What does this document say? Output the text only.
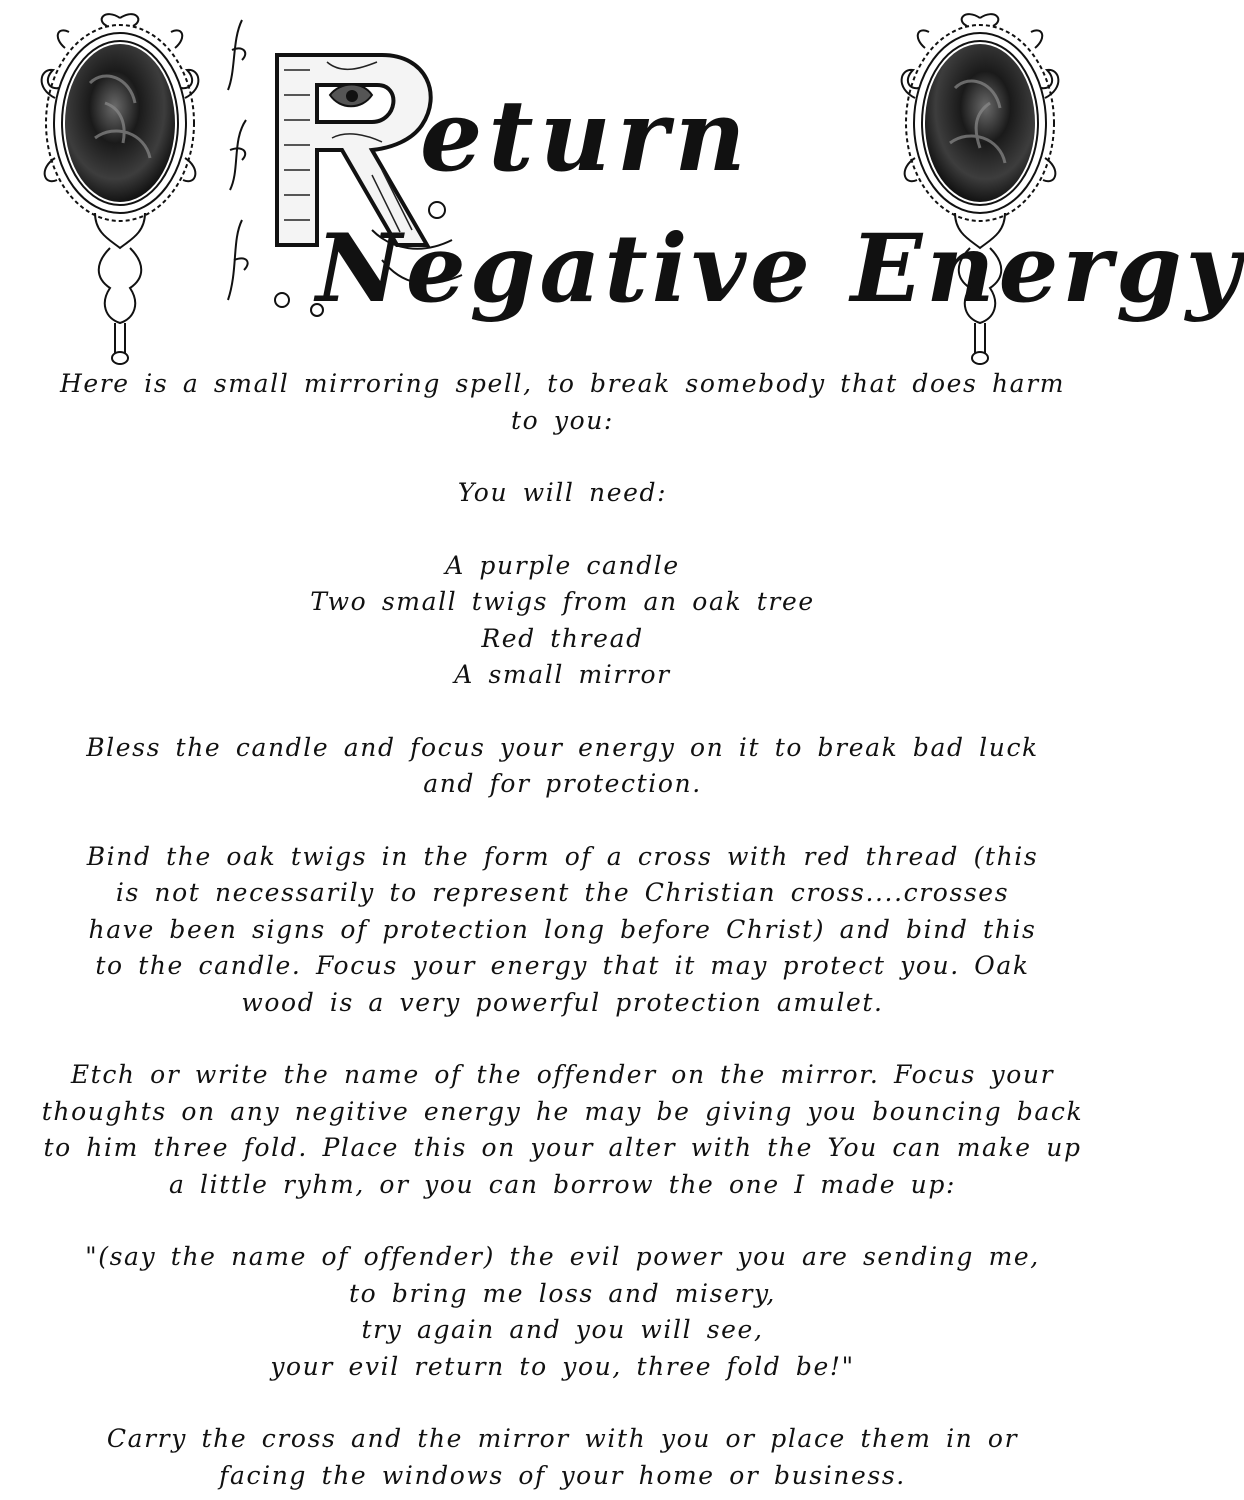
eturn
Negative Energy

Here is a small mirroring spell, to break somebody that does harm to you:

You will need:

A purple candle

Two small twigs from an oak tree

Red thread

A small mirror

Bless the candle and focus your energy on it to break bad luck and for protection.

Bind the oak twigs in the form of a cross with red thread (this is not necessarily to represent the Christian cross....crosses have been signs of protection long before Christ) and bind this to the candle. Focus your energy that it may protect you. Oak wood is a very powerful protection amulet.

Etch or write the name of the offender on the mirror. Focus your thoughts on any negitive energy he may be giving you bouncing back to him three fold. Place this on your alter with the You can make up a little ryhm, or you can borrow the one I made up:

"(say the name of offender) the evil power you are sending me,

to bring me loss and misery,

try again and you will see,

your evil return to you, three fold be!"

Carry the cross and the mirror with you or place them in or facing the windows of your home or business.
